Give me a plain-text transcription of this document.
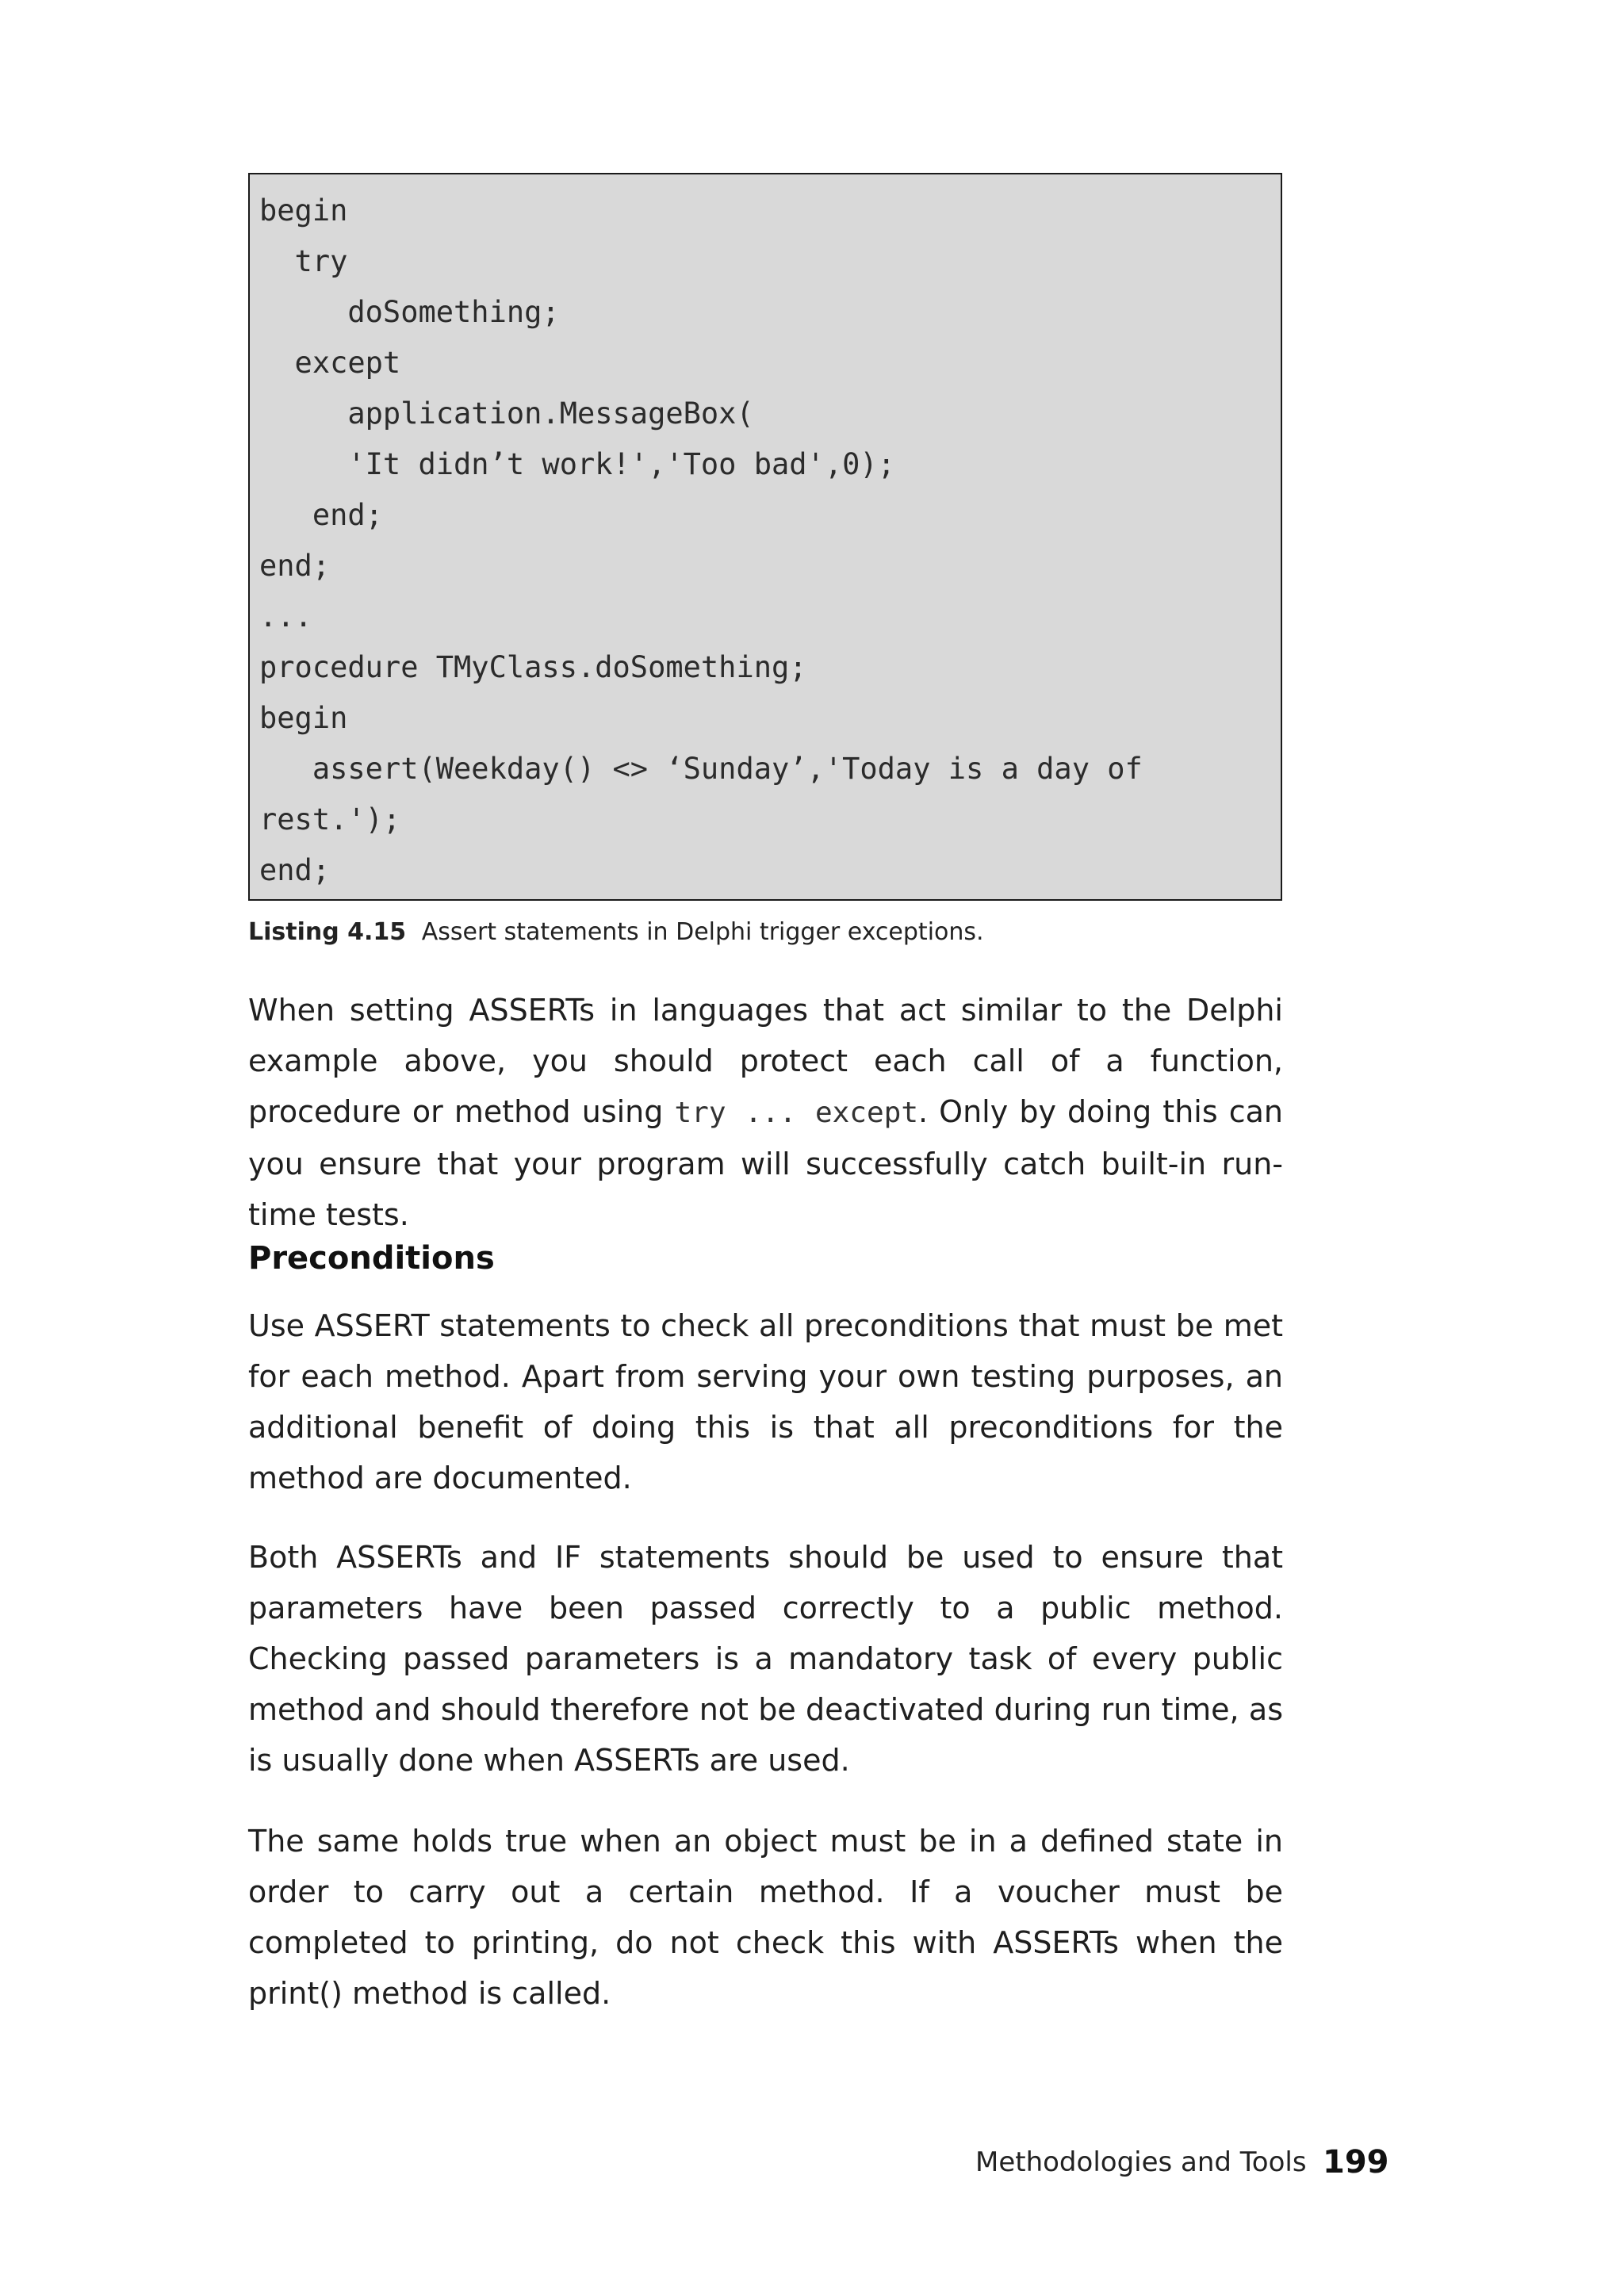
begin
try
doSomething;
except
application.MessageBox(
'It didn’t work!','Too bad',0);
end;
end;
...
procedure TMyClass.doSomething;
begin
assert(Weekday() <> ‘Sunday’,'Today is a day of
rest.');
end;
Listing 4.15 Assert statements in Delphi trigger exceptions.

When setting ASSERTs in languages that act similar to the Delphi example above, you should protect each call of a function, procedure or method using try ... except. Only by doing this can you ensure that your program will successfully catch built-in run-time tests.

Preconditions

Use ASSERT statements to check all preconditions that must be met for each method. Apart from serving your own testing purposes, an additional benefit of doing this is that all preconditions for the method are documented.

Both ASSERTs and IF statements should be used to ensure that parameters have been passed correctly to a public method. Checking passed parameters is a mandatory task of every public method and should therefore not be deactivated during run time, as is usually done when ASSERTs are used.

The same holds true when an object must be in a defined state in order to carry out a certain method. If a voucher must be completed to printing, do not check this with ASSERTs when the print() method is called.

Methodologies and Tools 199
